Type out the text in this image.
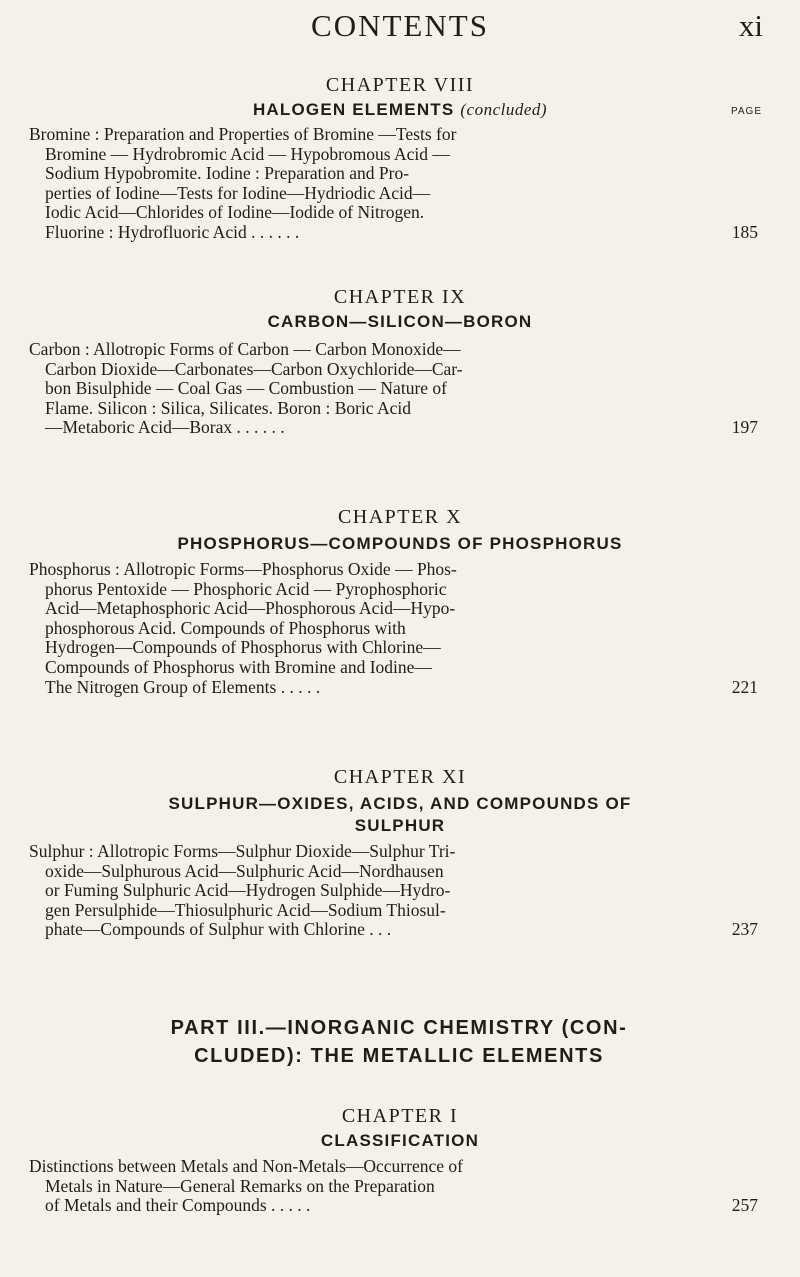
CONTENTS	xi
CHAPTER VIII
HALOGEN ELEMENTS (concluded)	PAGE
Bromine : Preparation and Properties of Bromine —Tests for
Bromine — Hydrobromic Acid — Hypobromous Acid —
Sodium Hypobromite. Iodine : Preparation and Pro-
perties of Iodine—Tests for Iodine—Hydriodic Acid—
Iodic Acid—Chlorides of Iodine—Iodide of Nitrogen.
Fluorine : Hydrofluoric Acid . . . . . .	185
CHAPTER IX
CARBON—SILICON—BORON
Carbon : Allotropic Forms of Carbon — Carbon Monoxide—
Carbon Dioxide—Carbonates—Carbon Oxychloride—Car-
bon Bisulphide — Coal Gas — Combustion — Nature of
Flame. Silicon : Silica, Silicates. Boron : Boric Acid
—Metaboric Acid—Borax . . . . . .	197
CHAPTER X
PHOSPHORUS—COMPOUNDS OF PHOSPHORUS
Phosphorus : Allotropic Forms—Phosphorus Oxide — Phos-
phorus Pentoxide — Phosphoric Acid — Pyrophosphoric
Acid—Metaphosphoric Acid—Phosphorous Acid—Hypo-
phosphorous Acid. Compounds of Phosphorus with
Hydrogen—Compounds of Phosphorus with Chlorine—
Compounds of Phosphorus with Bromine and Iodine—
The Nitrogen Group of Elements . . . . .	221
CHAPTER XI
SULPHUR—OXIDES, ACIDS, AND COMPOUNDS OF
SULPHUR
Sulphur : Allotropic Forms—Sulphur Dioxide—Sulphur Tri-
oxide—Sulphurous Acid—Sulphuric Acid—Nordhausen
or Fuming Sulphuric Acid—Hydrogen Sulphide—Hydro-
gen Persulphide—Thiosulphuric Acid—Sodium Thiosul-
phate—Compounds of Sulphur with Chlorine . . .	237
PART III.—INORGANIC CHEMISTRY (CON-
CLUDED): THE METALLIC ELEMENTS
CHAPTER I
CLASSIFICATION
Distinctions between Metals and Non-Metals—Occurrence of
Metals in Nature—General Remarks on the Preparation
of Metals and their Compounds . . . . .	257
